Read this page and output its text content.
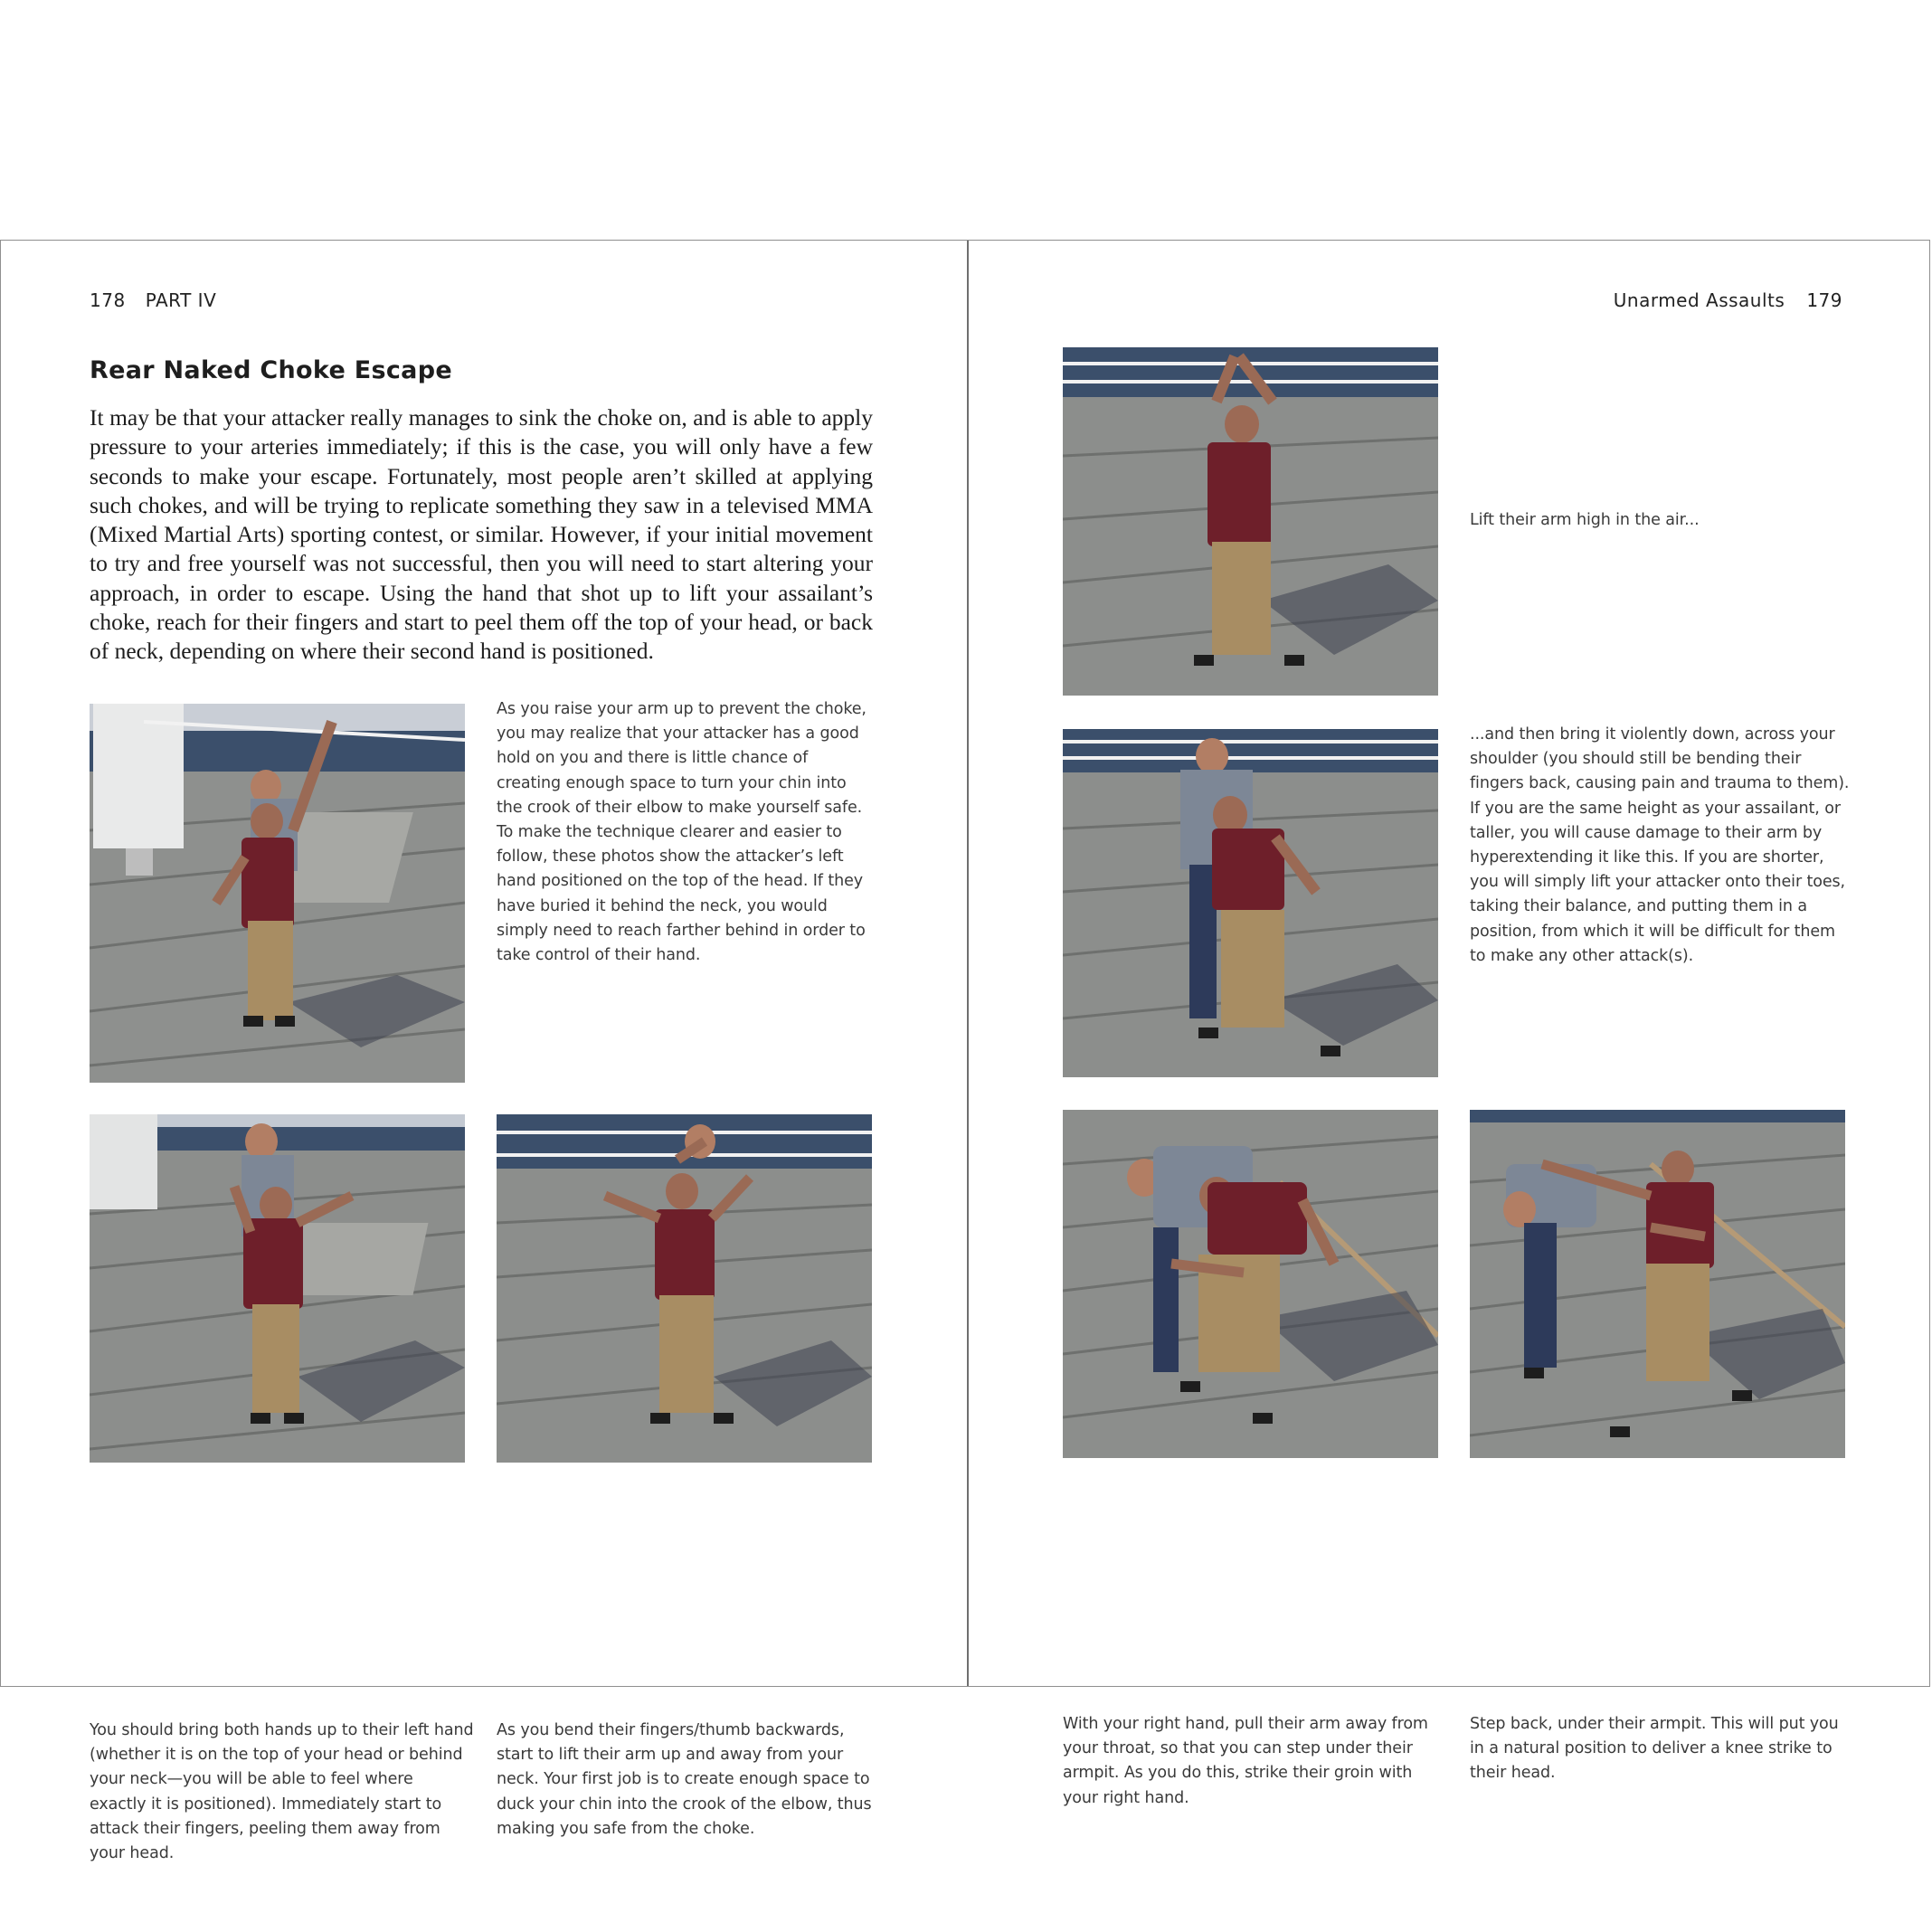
178 PART IV
Rear Naked Choke Escape

It may be that your attacker really manages to sink the choke on, and is able to apply pressure to your arteries immediately; if this is the case, you will only have a few seconds to make your escape. Fortunately, most people aren’t skilled at applying such chokes, and will be trying to replicate something they saw in a televised MMA (Mixed Martial Arts) sporting contest, or similar. However, if your initial movement to try and free yourself was not successful, then you will need to start altering your approach, in order to escape. Using the hand that shot up to lift your assailant’s choke, reach for their fingers and start to peel them off the top of your head, or back of neck, depending on where their second hand is positioned.

As you raise your arm up to prevent the choke, you may realize that your attacker has a good hold on you and there is little chance of creating enough space to turn your chin into the crook of their elbow to make yourself safe. To make the technique clearer and easier to follow, these photos show the attacker’s left hand positioned on the top of the head. If they have buried it behind the neck, you would simply need to reach farther behind in order to take control of their hand.

You should bring both hands up to their left hand (whether it is on the top of your head or behind your neck—you will be able to feel where exactly it is positioned). Immediately start to attack their fingers, peeling them away from your head.

As you bend their fingers/thumb backwards, start to lift their arm up and away from your neck. Your first job is to create enough space to duck your chin into the crook of the elbow, thus making you safe from the choke.

Unarmed Assaults 179

Lift their arm high in the air...

...and then bring it violently down, across your shoulder (you should still be bending their fingers back, causing pain and trauma to them). If you are the same height as your assailant, or taller, you will cause damage to their arm by hyperextending it like this. If you are shorter, you will simply lift your attacker onto their toes, taking their balance, and putting them in a position, from which it will be difficult for them to make any other attack(s).

With your right hand, pull their arm away from your throat, so that you can step under their armpit. As you do this, strike their groin with your right hand.

Step back, under their armpit. This will put you in a natural position to deliver a knee strike to their head.
